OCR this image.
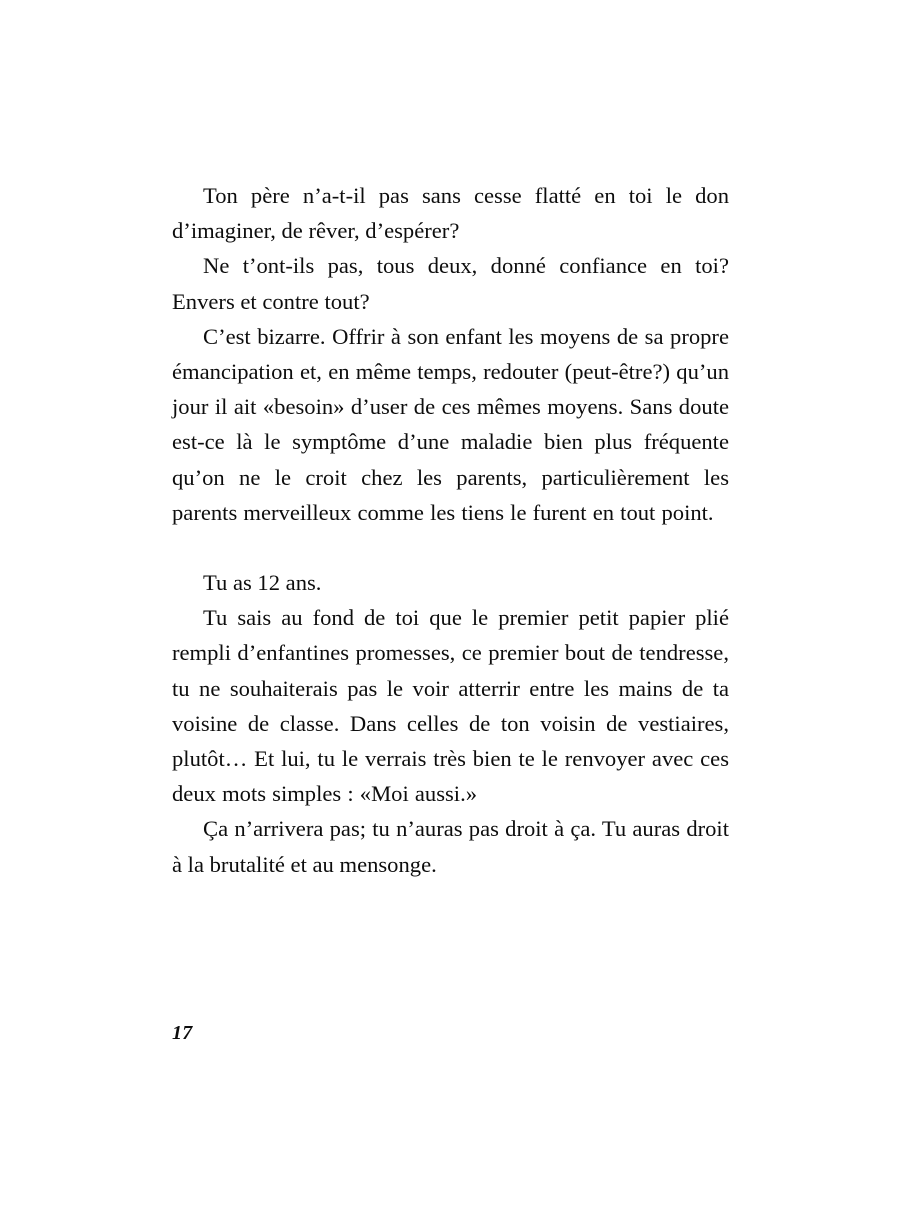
Ton père n’a-t-il pas sans cesse flatté en toi le don d’imaginer, de rêver, d’espérer?

Ne t’ont-ils pas, tous deux, donné confiance en toi? Envers et contre tout?

C’est bizarre. Offrir à son enfant les moyens de sa propre émancipation et, en même temps, redouter (peut-être?) qu’un jour il ait «besoin» d’user de ces mêmes moyens. Sans doute est-ce là le symptôme d’une maladie bien plus fréquente qu’on ne le croit chez les parents, particulièrement les parents merveilleux comme les tiens le furent en tout point.

Tu as 12 ans.

Tu sais au fond de toi que le premier petit papier plié rempli d’enfantines promesses, ce premier bout de tendresse, tu ne souhaiterais pas le voir atterrir entre les mains de ta voisine de classe. Dans celles de ton voisin de vestiaires, plutôt… Et lui, tu le verrais très bien te le renvoyer avec ces deux mots simples : «Moi aussi.»

Ça n’arrivera pas; tu n’auras pas droit à ça. Tu auras droit à la brutalité et au mensonge.

17
